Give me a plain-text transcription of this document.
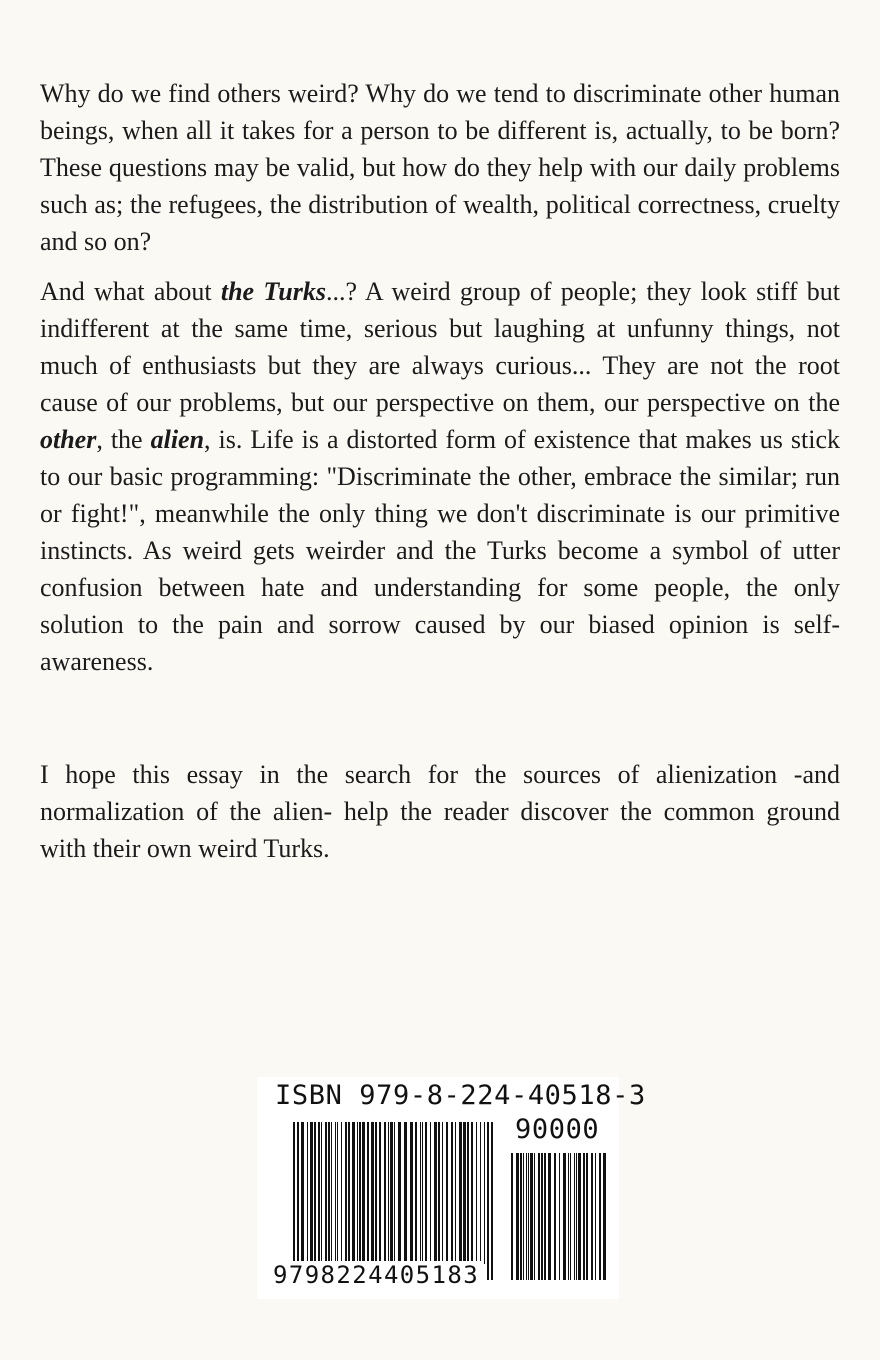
Why do we find others weird? Why do we tend to discriminate other human beings, when all it takes for a person to be different is, actually, to be born? These questions may be valid, but how do they help with our daily problems such as; the refugees, the distribution of wealth, political correctness, cruelty and so on?

And what about the Turks...? A weird group of people; they look stiff but indifferent at the same time, serious but laughing at unfunny things, not much of enthusiasts but they are always curious... They are not the root cause of our problems, but our perspective on them, our perspective on the other, the alien, is. Life is a distorted form of existence that makes us stick to our basic programming: "Discriminate the other, embrace the similar; run or fight!", meanwhile the only thing we don't discriminate is our primitive instincts. As weird gets weirder and the Turks become a symbol of utter confusion between hate and understanding for some people, the only solution to the pain and sorrow caused by our biased opinion is self-awareness.

I hope this essay in the search for the sources of alienization -and normalization of the alien- help the reader discover the common ground with their own weird Turks.

ISBN 979-8-224-40518-3
90000
9798224405183
